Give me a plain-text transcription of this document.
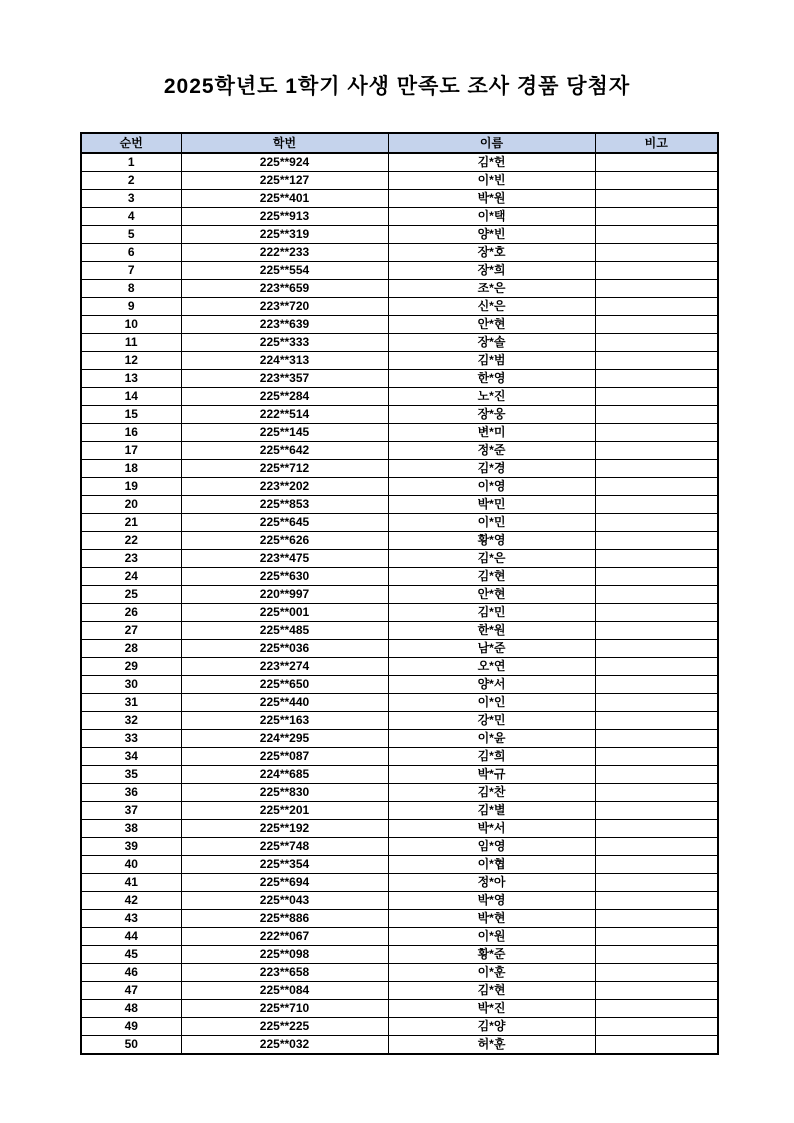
2025학년도 1학기 사생 만족도 조사 경품 당첨자
순번	학번	이름	비고
1	225**924	김*헌	
2	225**127	이*빈	
3	225**401	박*원	
4	225**913	이*택	
5	225**319	양*빈	
6	222**233	장*호	
7	225**554	장*희	
8	223**659	조*은	
9	223**720	신*은	
10	223**639	안*현	
11	225**333	장*솔	
12	224**313	김*범	
13	223**357	한*영	
14	225**284	노*진	
15	222**514	장*웅	
16	225**145	변*미	
17	225**642	정*준	
18	225**712	김*경	
19	223**202	이*영	
20	225**853	박*민	
21	225**645	이*민	
22	225**626	황*영	
23	223**475	김*은	
24	225**630	김*현	
25	220**997	안*현	
26	225**001	김*민	
27	225**485	한*원	
28	225**036	남*준	
29	223**274	오*연	
30	225**650	양*서	
31	225**440	이*인	
32	225**163	강*민	
33	224**295	이*윤	
34	225**087	김*희	
35	224**685	박*규	
36	225**830	김*찬	
37	225**201	김*별	
38	225**192	박*서	
39	225**748	임*영	
40	225**354	이*협	
41	225**694	정*아	
42	225**043	박*영	
43	225**886	박*현	
44	222**067	이*원	
45	225**098	황*준	
46	223**658	이*훈	
47	225**084	김*현	
48	225**710	박*진	
49	225**225	김*양	
50	225**032	허*훈	
